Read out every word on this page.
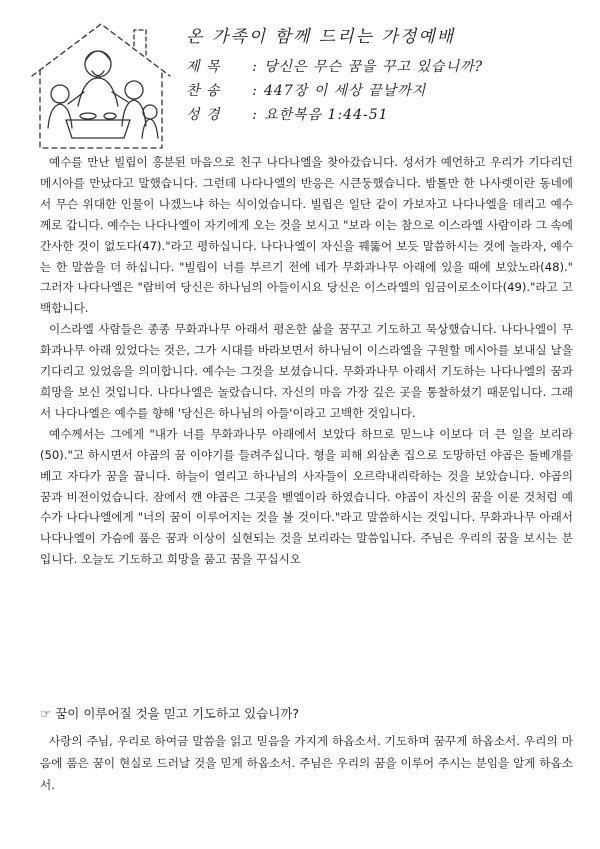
온 가족이 함께 드리는 가정예배
제 목 : 당신은 무슨 꿈을 꾸고 있습니까?
찬 송 : 447장 이 세상 끝날까지
성 경 : 요한복음 1:44-51

예수를 만난 빌립이 흥분된 마음으로 친구 나다나엘을 찾아갔습니다. 성서가 예언하고 우리가 기다리던 메시아를 만났다고 말했습니다. 그런데 나다나엘의 반응은 시큰둥했습니다. 밤톨만 한 나사렛이란 동네에서 무슨 위대한 인물이 나겠느냐 하는 식이었습니다. 빌립은 일단 같이 가보자고 나다나엘을 데리고 예수께로 갑니다. 예수는 나다나엘이 자기에게 오는 것을 보시고 "보라 이는 참으로 이스라엘 사람이라 그 속에 간사한 것이 없도다(47)."라고 평하십니다. 나다나엘이 자신을 꿰뚫어 보듯 말씀하시는 것에 놀라자, 예수는 한 말씀을 더 하십니다. "빌립이 너를 부르기 전에 네가 무화과나무 아래에 있을 때에 보았노라(48)." 그러자 나다나엘은 "랍비여 당신은 하나님의 아들이시요 당신은 이스라엘의 임금이로소이다(49)."라고 고백합니다.

이스라엘 사람들은 종종 무화과나무 아래서 평온한 삶을 꿈꾸고 기도하고 묵상했습니다. 나다나엘이 무화과나무 아래 있었다는 것은, 그가 시대를 바라보면서 하나님이 이스라엘을 구원할 메시아를 보내실 날을 기다리고 있었음을 의미합니다. 예수는 그것을 보셨습니다. 무화과나무 아래서 기도하는 나다나엘의 꿈과 희망을 보신 것입니다. 나다나엘은 놀랐습니다. 자신의 마음 가장 깊은 곳을 통찰하셨기 때문입니다. 그래서 나다나엘은 예수를 향해 '당신은 하나님의 아들'이라고 고백한 것입니다.

예수께서는 그에게 "내가 너를 무화과나무 아래에서 보았다 하므로 믿느냐 이보다 더 큰 일을 보리라(50)."고 하시면서 야곱의 꿈 이야기를 들려주십니다. 형을 피해 외삼촌 집으로 도망하던 야곱은 돌베개를 베고 자다가 꿈을 꿉니다. 하늘이 열리고 하나님의 사자들이 오르락내리락하는 것을 보았습니다. 야곱의 꿈과 비전이었습니다. 잠에서 깬 야곱은 그곳을 벧엘이라 하였습니다. 야곱이 자신의 꿈을 이룬 것처럼 예수가 나다나엘에게 "너의 꿈이 이루어지는 것을 볼 것이다."라고 말씀하시는 것입니다. 무화과나무 아래서 나다나엘이 가슴에 품은 꿈과 이상이 실현되는 것을 보리라는 말씀입니다. 주님은 우리의 꿈을 보시는 분입니다. 오늘도 기도하고 희망을 품고 꿈을 꾸십시오

☞ 꿈이 이루어질 것을 믿고 기도하고 있습니까?

사랑의 주님, 우리로 하여금 말씀을 읽고 믿음을 가지게 하옵소서. 기도하며 꿈꾸게 하옵소서. 우리의 마음에 품은 꿈이 현실로 드러날 것을 믿게 하옵소서. 주님은 우리의 꿈을 이루어 주시는 분임을 알게 하옵소서.
